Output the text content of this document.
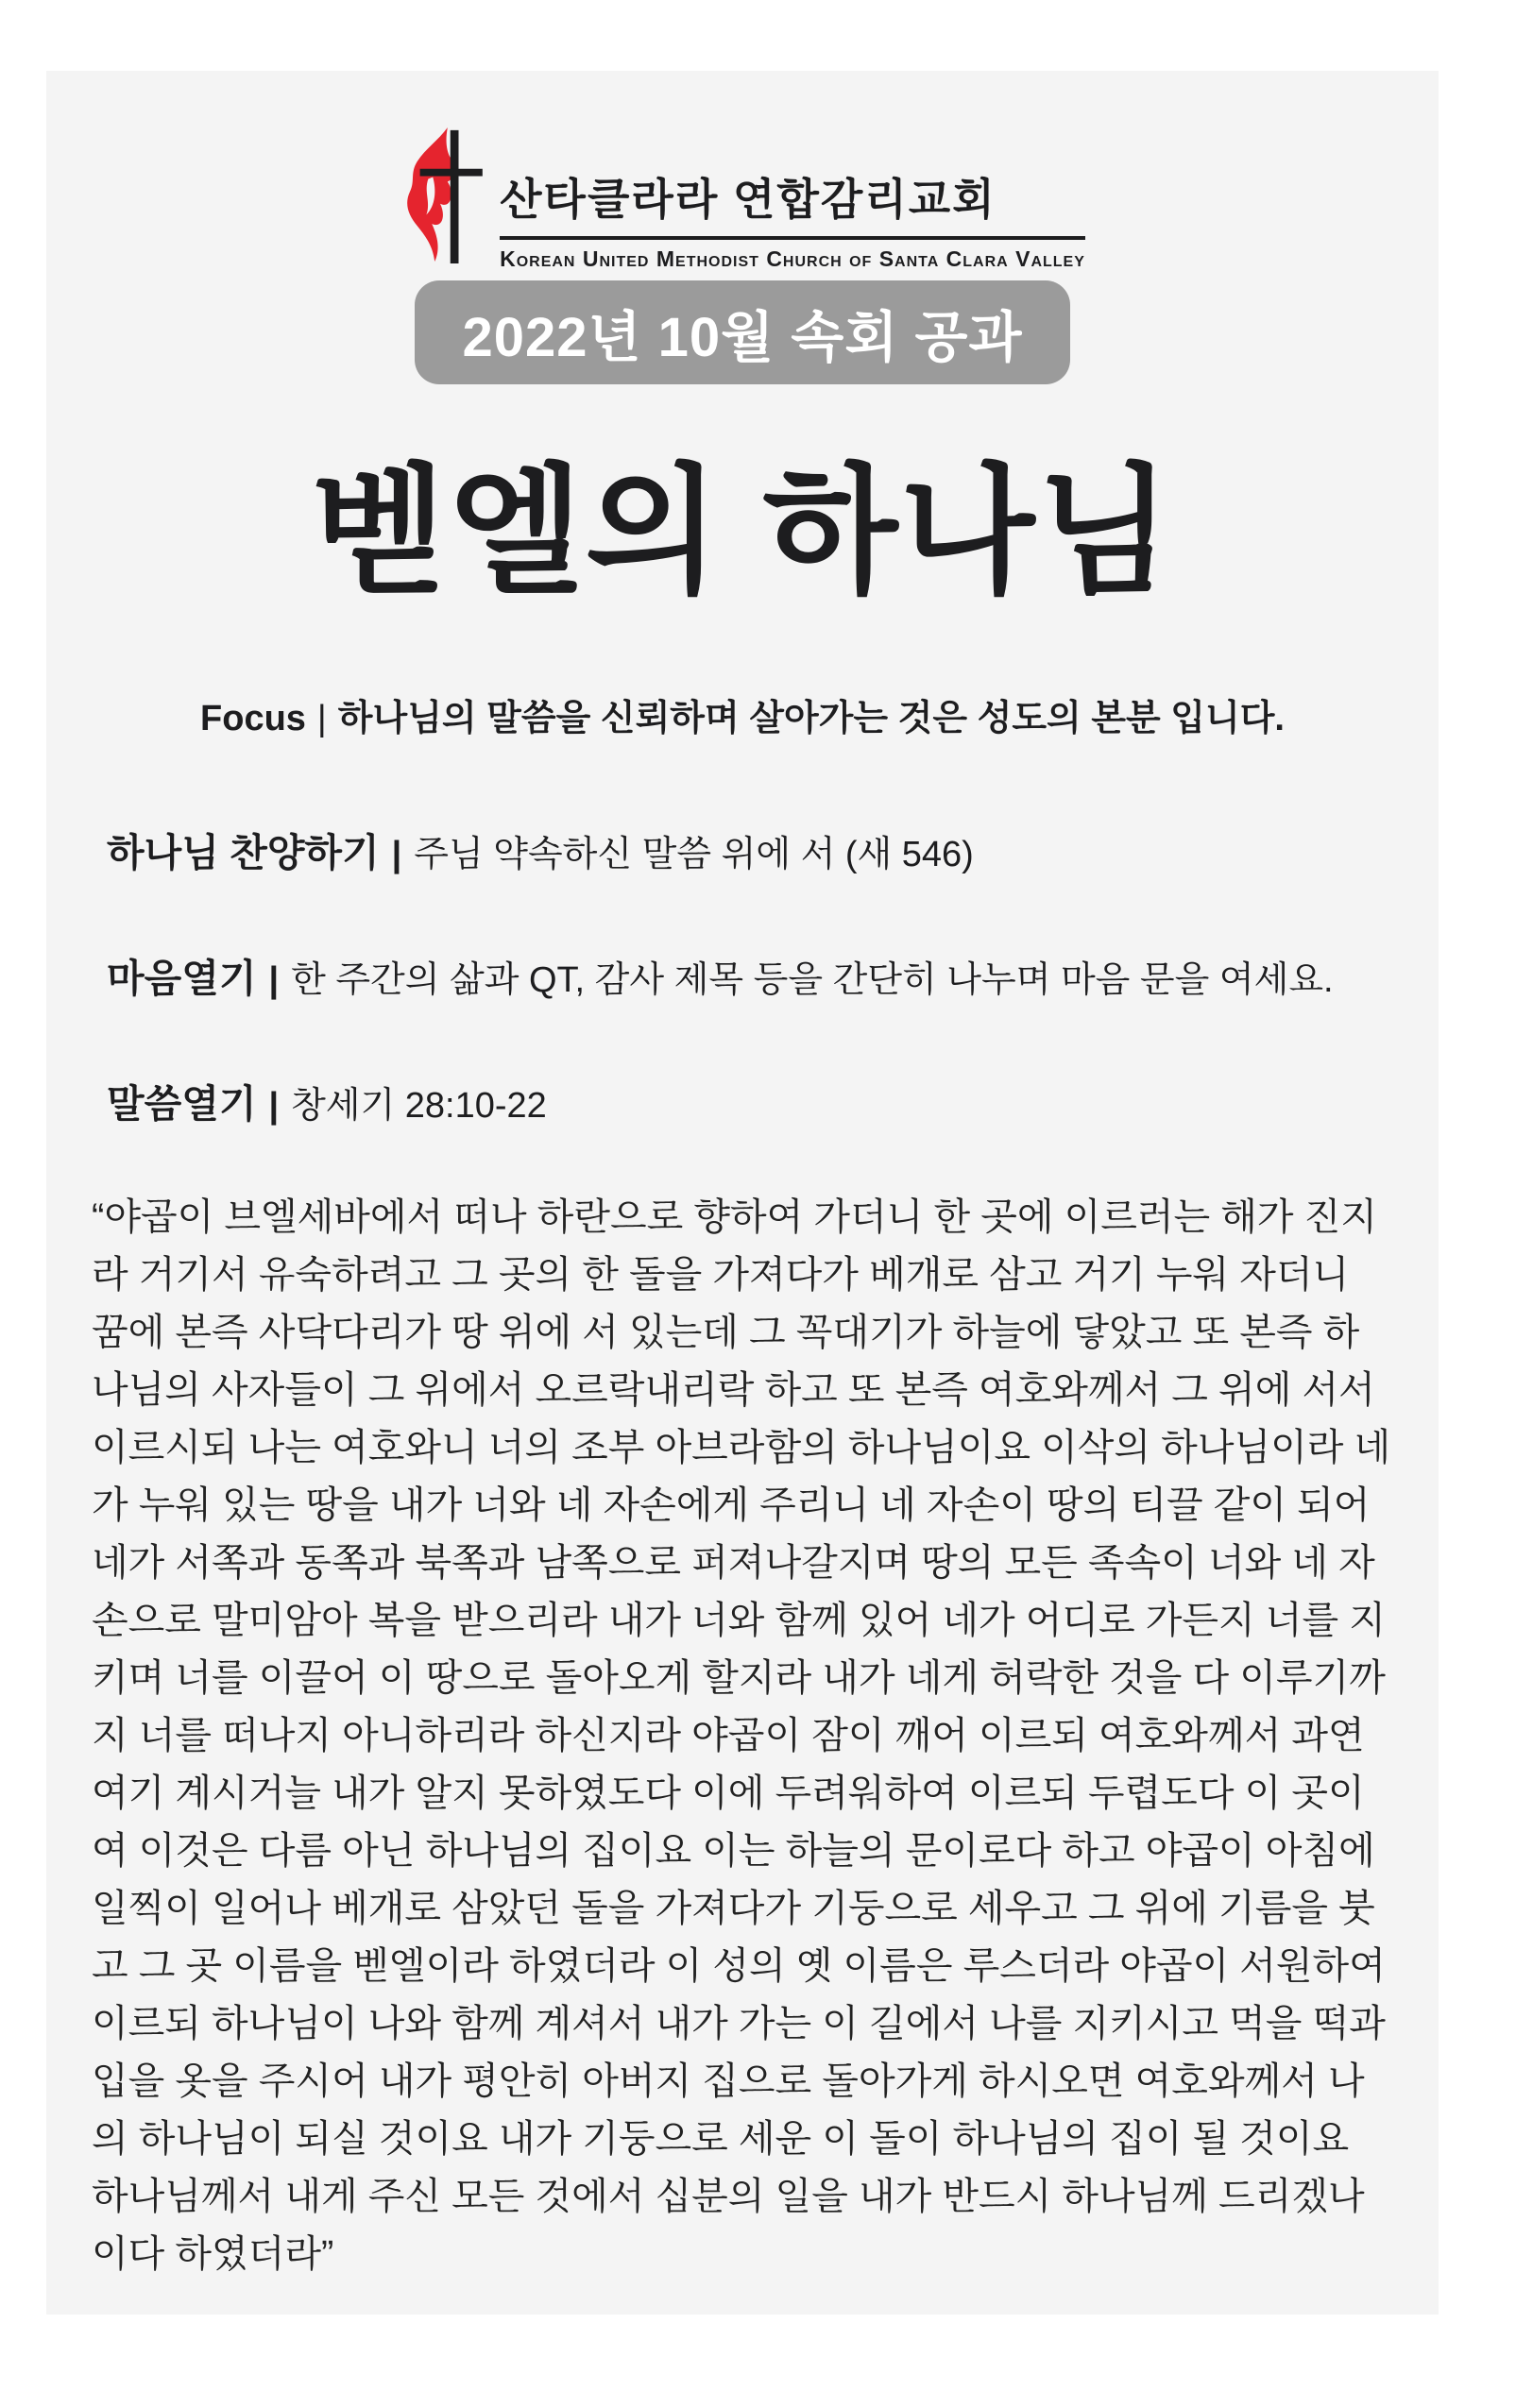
산타클라라 연합감리교회
Korean United Methodist Church of Santa Clara Valley
2022년 10월 속회 공과
벧엘의 하나님

Focus | 하나님의 말씀을 신뢰하며 살아가는 것은 성도의 본분 입니다.

하나님 찬양하기 | 주님 약속하신 말씀 위에 서 (새 546)

마음열기 | 한 주간의 삶과 QT, 감사 제목 등을 간단히 나누며 마음 문을 여세요.

말씀열기 | 창세기 28:10-22

“야곱이 브엘세바에서 떠나 하란으로 향하여 가더니 한 곳에 이르러는 해가 진지라 거기서 유숙하려고 그 곳의 한 돌을 가져다가 베개로 삼고 거기 누워 자더니 꿈에 본즉 사닥다리가 땅 위에 서 있는데 그 꼭대기가 하늘에 닿았고 또 본즉 하나님의 사자들이 그 위에서 오르락내리락 하고 또 본즉 여호와께서 그 위에 서서 이르시되 나는 여호와니 너의 조부 아브라함의 하나님이요 이삭의 하나님이라 네가 누워 있는 땅을 내가 너와 네 자손에게 주리니 네 자손이 땅의 티끌 같이 되어 네가 서쪽과 동쪽과 북쪽과 남쪽으로 퍼져나갈지며 땅의 모든 족속이 너와 네 자손으로 말미암아 복을 받으리라 내가 너와 함께 있어 네가 어디로 가든지 너를 지키며 너를 이끌어 이 땅으로 돌아오게 할지라 내가 네게 허락한 것을 다 이루기까지 너를 떠나지 아니하리라 하신지라 야곱이 잠이 깨어 이르되 여호와께서 과연 여기 계시거늘 내가 알지 못하였도다 이에 두려워하여 이르되 두렵도다 이 곳이여 이것은 다름 아닌 하나님의 집이요 이는 하늘의 문이로다 하고 야곱이 아침에 일찍이 일어나 베개로 삼았던 돌을 가져다가 기둥으로 세우고 그 위에 기름을 붓고 그 곳 이름을 벧엘이라 하였더라 이 성의 옛 이름은 루스더라 야곱이 서원하여 이르되 하나님이 나와 함께 계셔서 내가 가는 이 길에서 나를 지키시고 먹을 떡과 입을 옷을 주시어 내가 평안히 아버지 집으로 돌아가게 하시오면 여호와께서 나의 하나님이 되실 것이요 내가 기둥으로 세운 이 돌이 하나님의 집이 될 것이요 하나님께서 내게 주신 모든 것에서 십분의 일을 내가 반드시 하나님께 드리겠나이다 하였더라”
